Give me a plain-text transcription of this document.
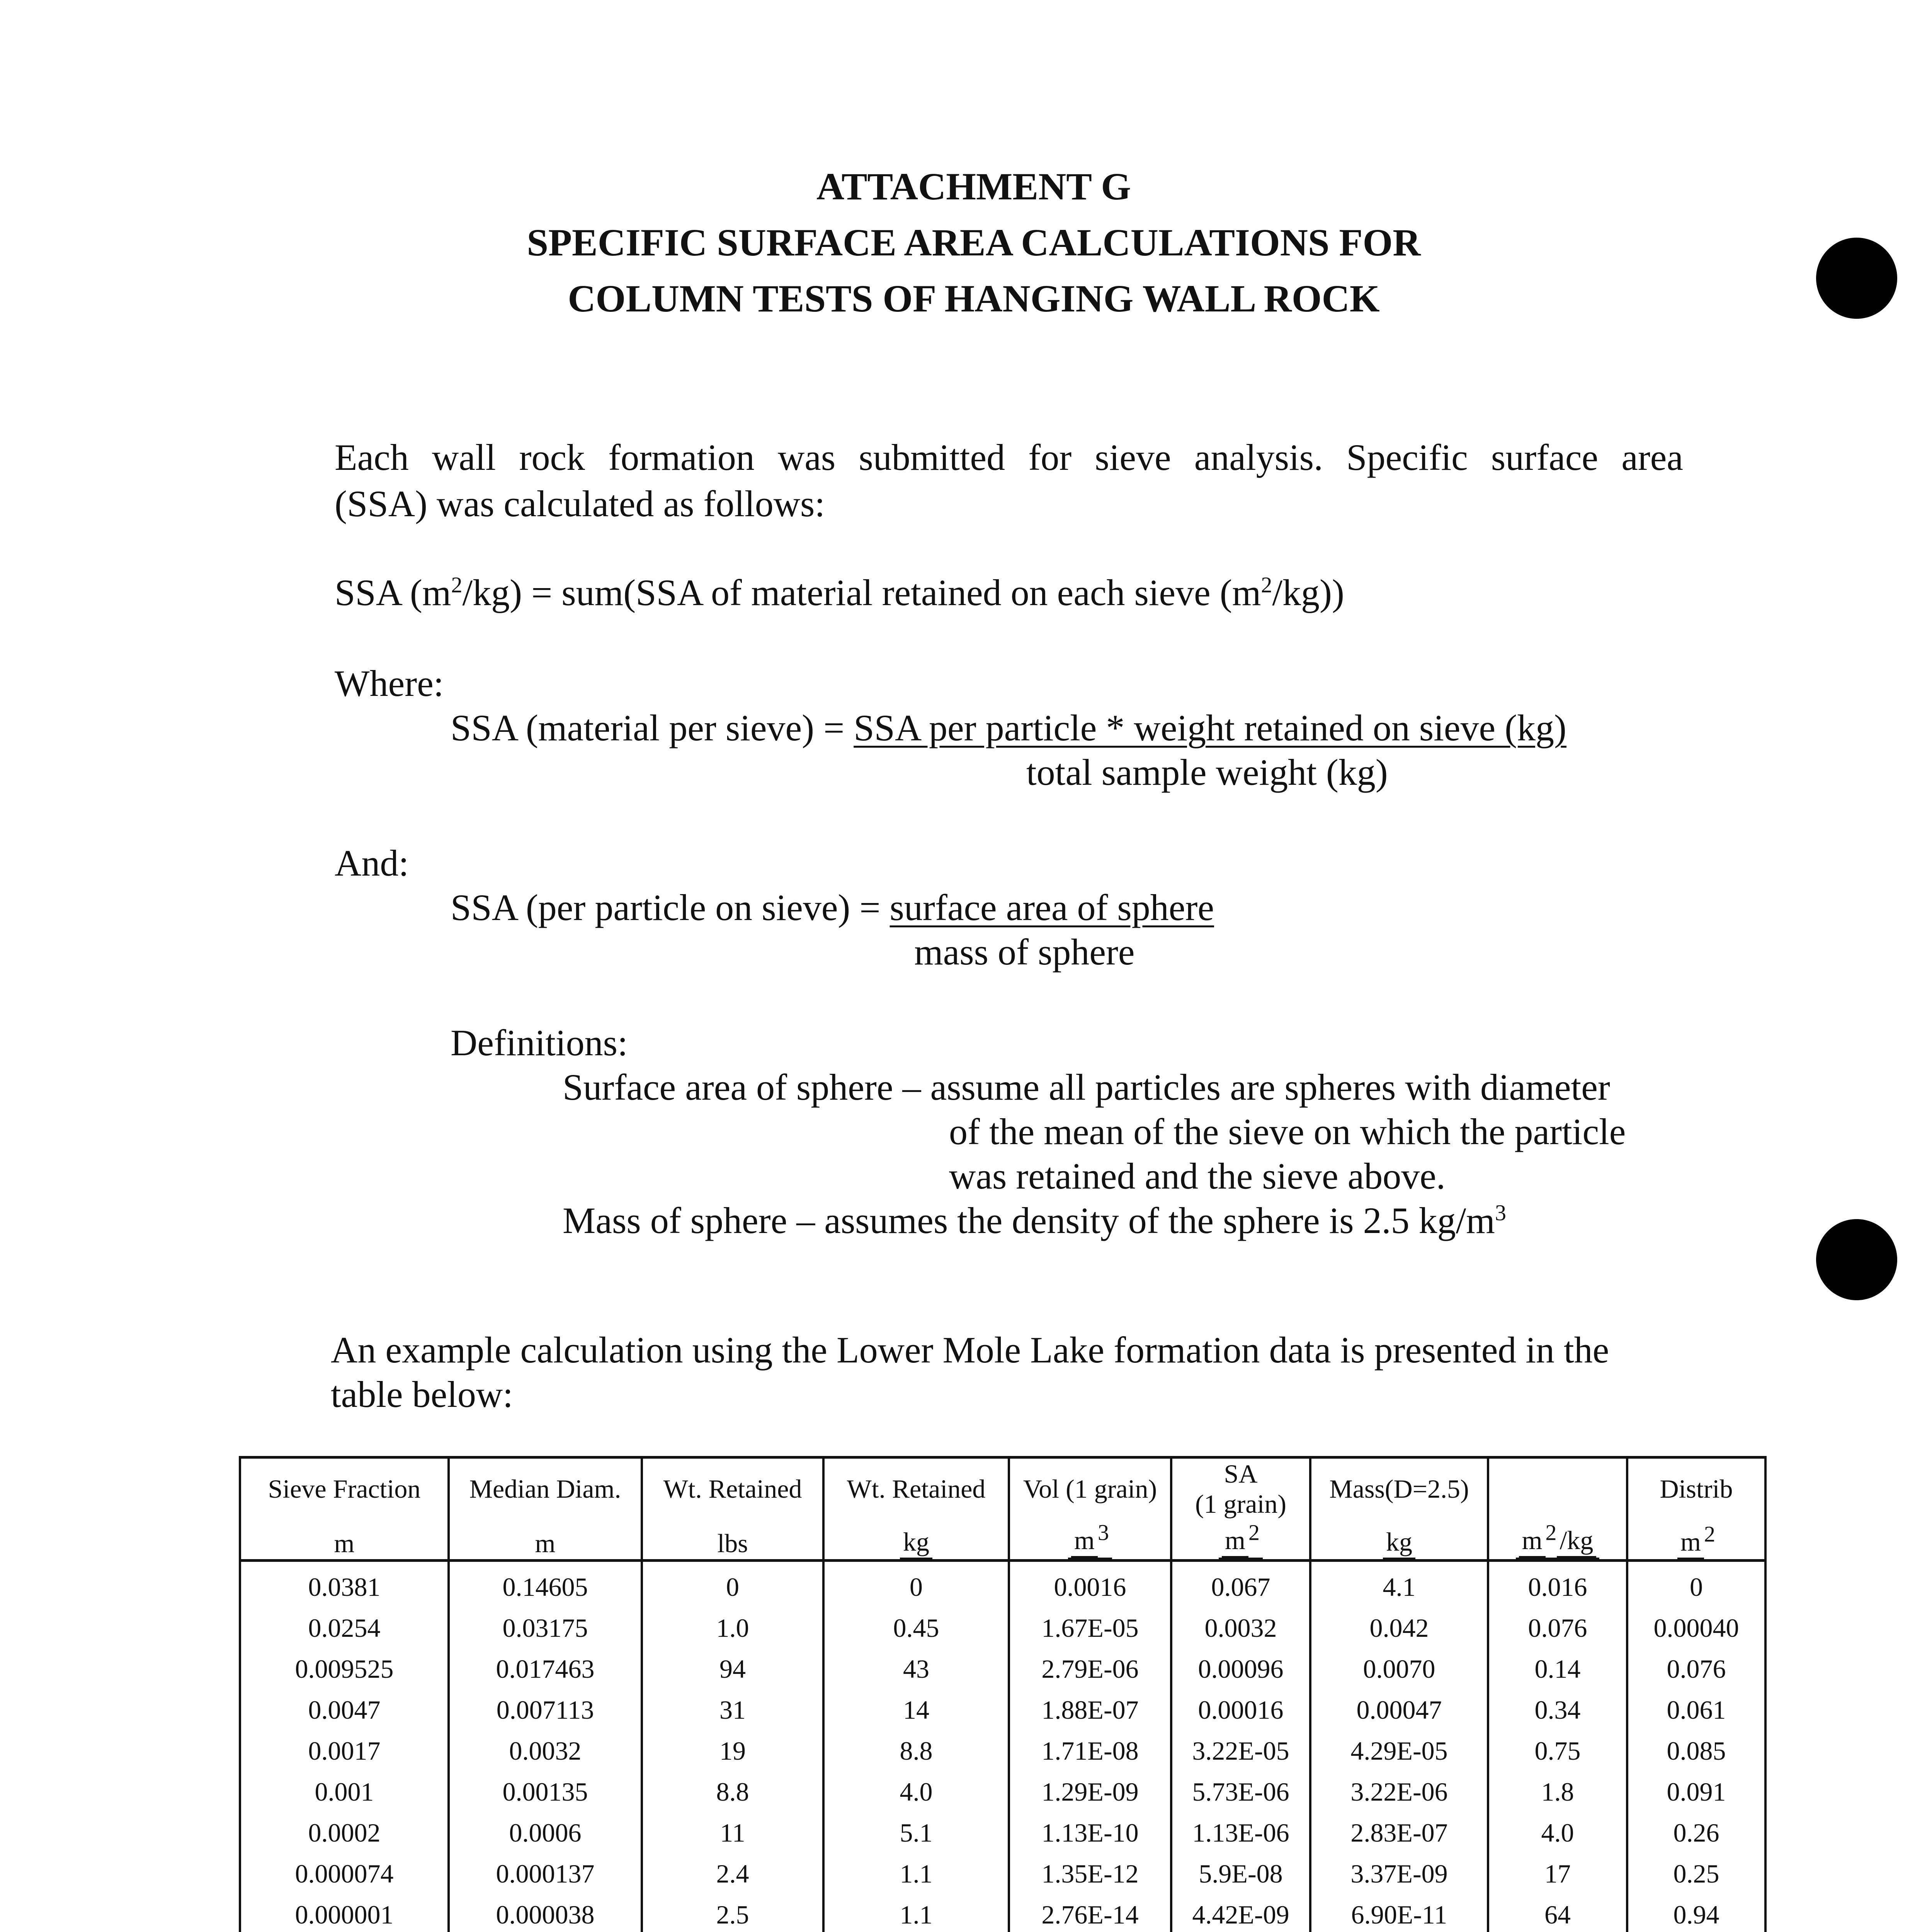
ATTACHMENT G
SPECIFIC SURFACE AREA CALCULATIONS FOR
COLUMN TESTS OF HANGING WALL ROCK
Each wall rock formation was submitted for sieve analysis. Specific surface area
(SSA) was calculated as follows:
SSA $(m^2/kg) = sum(SSA$ of material retained on each sieve $(m^2/kg)$)
Where:
SSA (material per sieve) = SSA per particle * weight retained on sieve (kg)
total sample weight (kg)
And:
SSA (per particle on sieve) = surface area of sphere
mass of sphere
Definitions:
Surface area of sphere – assume all particles are spheres with diameter
of the mean of the sieve on which the particle
was retained and the sieve above.
Mass of sphere – assumes the density of the sphere is 2.5 $kg/m^3$
An example calculation using the Lower Mole Lake formation data is presented in the
table below:
Sieve Fraction	Median Diam.	Wt. Retained	Wt. Retained	Vol (1 grain)	SA
(1 grain)	Mass(D=2.5)		Distrib
m	m	lbs	kg	m $^3$	m $^2$	kg	m $^2$ /kg	m $^2$
0.0381	0.14605	0	0	0.0016	0.067	4.1	0.016	0
0.0254	0.03175	1.0	0.45	1.67E-05	0.0032	0.042	0.076	0.00040
0.009525	0.017463	94	43	2.79E-06	0.00096	0.0070	0.14	0.076
0.0047	0.007113	31	14	1.88E-07	0.00016	0.00047	0.34	0.061
0.0017	0.0032	19	8.8	1.71E-08	3.22E-05	4.29E-05	0.75	0.085
0.001	0.00135	8.8	4.0	1.29E-09	5.73E-06	3.22E-06	1.8	0.091
0.0002	0.0006	11	5.1	1.13E-10	1.13E-06	2.83E-07	4.0	0.26
0.000074	0.000137	2.4	1.1	1.35E-12	5.9E-08	3.37E-09	17	0.25
0.000001	0.000038	2.5	1.1	2.76E-14	4.42E-09	6.90E-11	64	0.94
